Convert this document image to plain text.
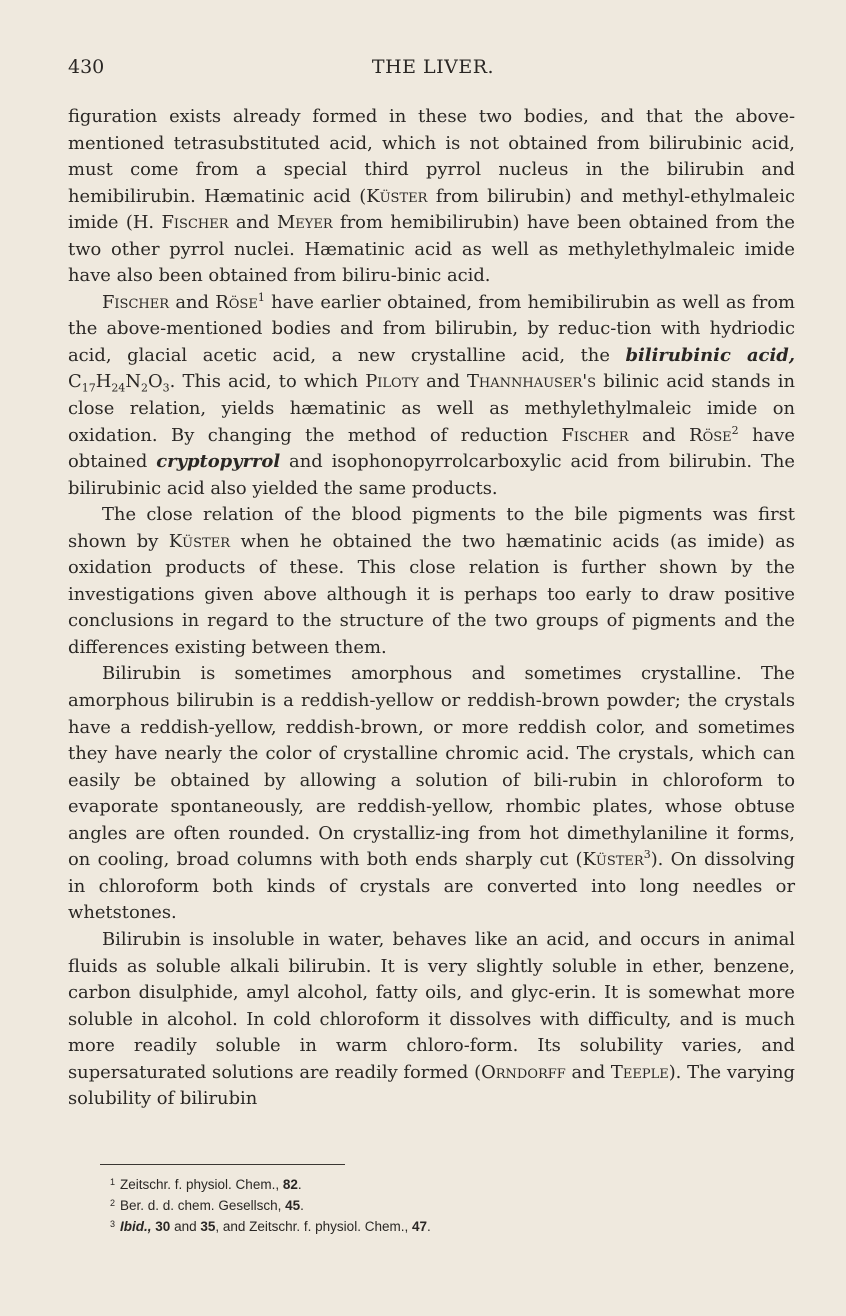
430	THE LIVER.

figuration exists already formed in these two bodies, and that the above-mentioned tetrasubstituted acid, which is not obtained from bilirubinic acid, must come from a special third pyrrol nucleus in the bilirubin and hemibilirubin. Hæmatinic acid (Küster from bilirubin) and methyl-ethylmaleic imide (H. Fischer and Meyer from hemibilirubin) have been obtained from the two other pyrrol nuclei. Hæmatinic acid as well as methylethylmaleic imide have also been obtained from biliru-binic acid.

Fischer and Röse$^1$ have earlier obtained, from hemibilirubin as well as from the above-mentioned bodies and from bilirubin, by reduc-tion with hydriodic acid, glacial acetic acid, a new crystalline acid, the bilirubinic acid, $C_{17}H_{24}N_2O_3$. This acid, to which Piloty and Thannhauser's bilinic acid stands in close relation, yields hæmatinic as well as methylethylmaleic imide on oxidation. By changing the method of reduction Fischer and Röse$^2$ have obtained cryptopyrrol and isophonopyrrolcarboxylic acid from bilirubin. The bilirubinic acid also yielded the same products.

The close relation of the blood pigments to the bile pigments was first shown by Küster when he obtained the two hæmatinic acids (as imide) as oxidation products of these. This close relation is further shown by the investigations given above although it is perhaps too early to draw positive conclusions in regard to the structure of the two groups of pigments and the differences existing between them.

Bilirubin is sometimes amorphous and sometimes crystalline. The amorphous bilirubin is a reddish-yellow or reddish-brown powder; the crystals have a reddish-yellow, reddish-brown, or more reddish color, and sometimes they have nearly the color of crystalline chromic acid. The crystals, which can easily be obtained by allowing a solution of bili-rubin in chloroform to evaporate spontaneously, are reddish-yellow, rhombic plates, whose obtuse angles are often rounded. On crystalliz-ing from hot dimethylaniline it forms, on cooling, broad columns with both ends sharply cut (Küster$^3$). On dissolving in chloroform both kinds of crystals are converted into long needles or whetstones.

Bilirubin is insoluble in water, behaves like an acid, and occurs in animal fluids as soluble alkali bilirubin. It is very slightly soluble in ether, benzene, carbon disulphide, amyl alcohol, fatty oils, and glyc-erin. It is somewhat more soluble in alcohol. In cold chloroform it dissolves with difficulty, and is much more readily soluble in warm chloro-form. Its solubility varies, and supersaturated solutions are readily formed (Orndorff and Teeple). The varying solubility of bilirubin

$^1$ Zeitschr. f. physiol. Chem., 82.
$^2$ Ber. d. d. chem. Gesellsch, 45.
$^3$ Ibid., 30 and 35, and Zeitschr. f. physiol. Chem., 47.
